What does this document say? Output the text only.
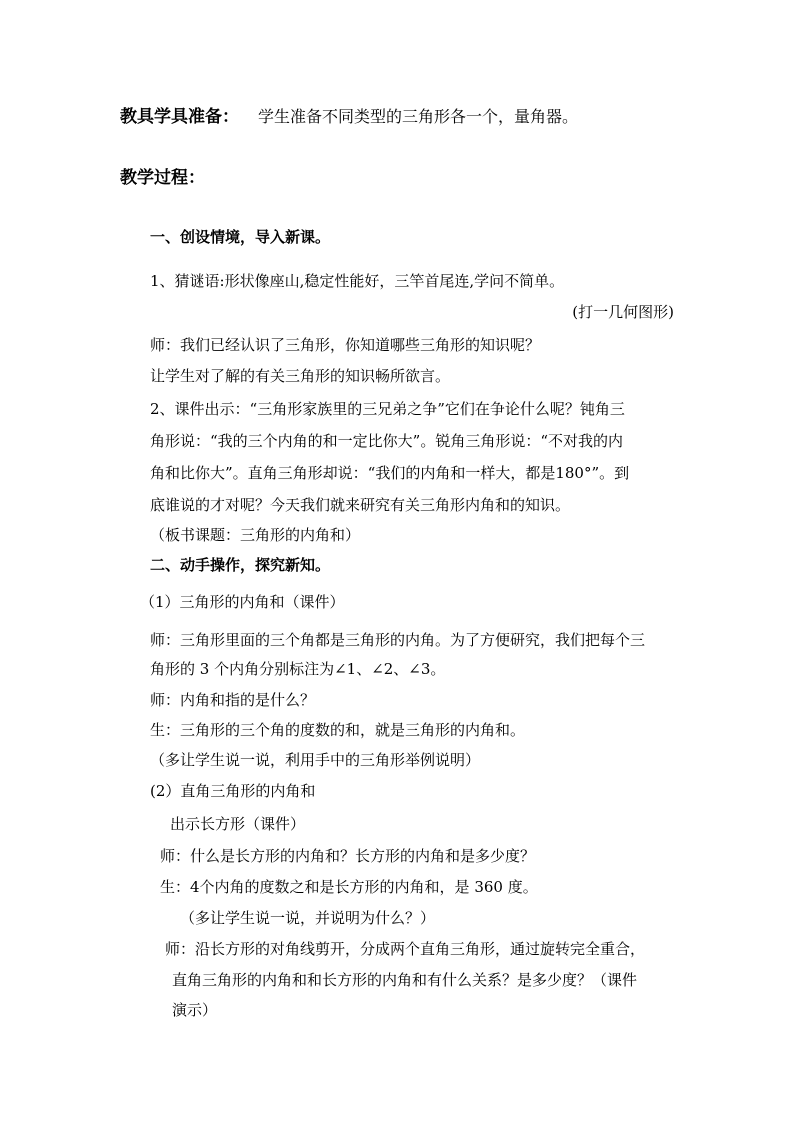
教具学具准备： 学生准备不同类型的三角形各一个，量角器。
教学过程：
一、创设情境，导入新课。
1、猜谜语:形状像座山,稳定性能好，三竿首尾连,学问不简单。
(打一几何图形)
师：我们已经认识了三角形，你知道哪些三角形的知识呢？
让学生对了解的有关三角形的知识畅所欲言。
2、课件出示：“三角形家族里的三兄弟之争”它们在争论什么呢？钝角三
角形说：“我的三个内角的和一定比你大”。锐角三角形说：“不对我的内
角和比你大”。直角三角形却说：“我们的内角和一样大，都是180°”。到
底谁说的才对呢？今天我们就来研究有关三角形内角和的知识。
（板书课题：三角形的内角和）
二、动手操作，探究新知。
（1）三角形的内角和（课件）
师：三角形里面的三个角都是三角形的内角。为了方便研究，我们把每个三
角形的 3 个内角分别标注为∠1、∠2、∠3。
师：内角和指的是什么？
生：三角形的三个角的度数的和，就是三角形的内角和。
（多让学生说一说，利用手中的三角形举例说明）
(2）直角三角形的内角和
出示长方形（课件）
师：什么是长方形的内角和？长方形的内角和是多少度？
生：4个内角的度数之和是长方形的内角和，是 360 度。
（多让学生说一说，并说明为什么？）
师：沿长方形的对角线剪开，分成两个直角三角形，通过旋转完全重合，
直角三角形的内角和和长方形的内角和有什么关系？是多少度？（课件
演示）
